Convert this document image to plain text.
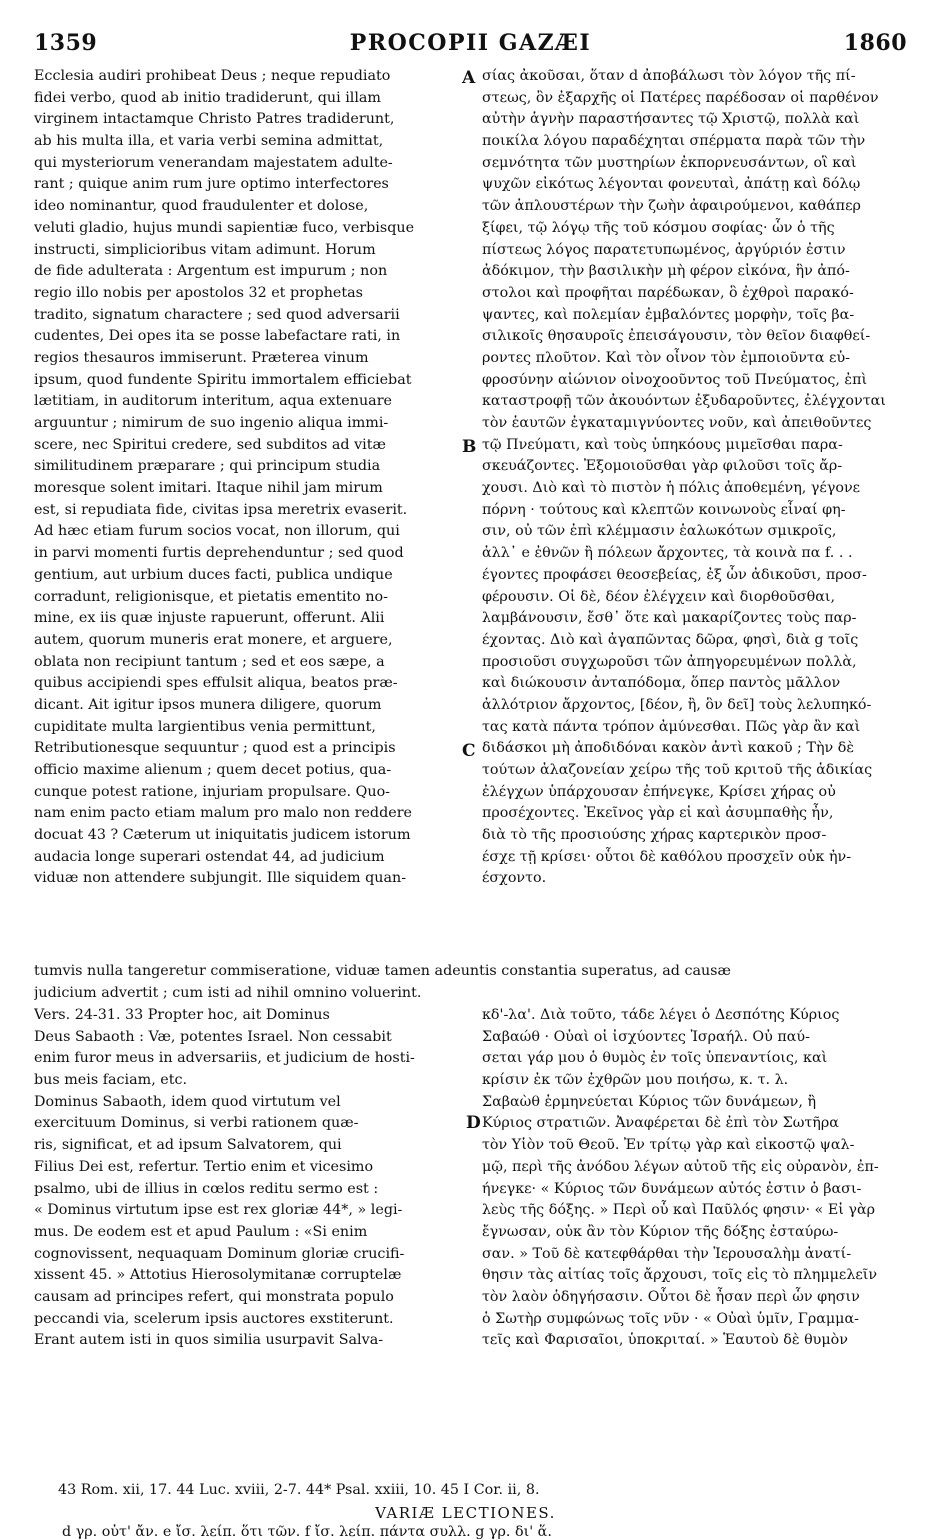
PROCOPII GAZÆI
1359	1860
Ecclesia audiri prohibeat Deus ; neque repudiato
fidei verbo, quod ab initio tradiderunt, qui illam
virginem intactamque Christo Patres tradiderunt,
ab his multa illa, et varia verbi semina admittat,
qui mysteriorum venerandam majestatem adulte-
rant ; quique anim rum jure optimo interfectores
ideo nominantur, quod fraudulenter et dolose,
veluti gladio, hujus mundi sapientiæ fuco, verbisque
instructi, simplicioribus vitam adimunt. Horum
de fide adulterata : Argentum est impurum ; non
regio illo nobis per apostolos 32 et prophetas
tradito, signatum charactere ; sed quod adversarii
cudentes, Dei opes ita se posse labefactare rati, in
regios thesauros immiserunt. Præterea vinum
ipsum, quod fundente Spiritu immortalem efficiebat
lætitiam, in auditorum interitum, aqua extenuare
arguuntur ; nimirum de suo ingenio aliqua immi-
scere, nec Spiritui credere, sed subditos ad vitæ
similitudinem præparare ; qui principum studia
moresque solent imitari. Itaque nihil jam mirum
est, si repudiata fide, civitas ipsa meretrix evaserit.
Ad hæc etiam furum socios vocat, non illorum, qui
in parvi momenti furtis deprehenduntur ; sed quod
gentium, aut urbium duces facti, publica undique
corradunt, religionisque, et pietatis ementito no-
mine, ex iis quæ injuste rapuerunt, offerunt. Alii
autem, quorum muneris erat monere, et arguere,
oblata non recipiunt tantum ; sed et eos sæpe, a
quibus accipiendi spes effulsit aliqua, beatos præ-
dicant. Ait igitur ipsos munera diligere, quorum
cupiditate multa largientibus venia permittunt,
Retributionesque sequuntur ; quod est a principis
officio maxime alienum ; quem decet potius, qua-
cunque potest ratione, injuriam propulsare. Quo-
nam enim pacto etiam malum pro malo non reddere
docuat 43 ? Cæterum ut iniquitatis judicem istorum
audacia longe superari ostendat 44, ad judicium
viduæ non attendere subjungit. Ille siquidem quan-
σίας ἀκοῦσαι, ὅταν d ἀποβάλωσι τὸν λόγον τῆς πί-
στεως, ὃν ἐξαρχῆς οἱ Πατέρες παρέδοσαν οἱ παρθένον
αὐτὴν ἁγνὴν παραστήσαντες τῷ Χριστῷ, πολλὰ καὶ
ποικίλα λόγου παραδέχηται σπέρματα παρὰ τῶν τὴν
σεμνότητα τῶν μυστηρίων ἐκπορνευσάντων, οἳ καὶ
ψυχῶν εἰκότως λέγονται φονευταὶ, ἀπάτῃ καὶ δόλῳ
τῶν ἁπλουστέρων τὴν ζωὴν ἀφαιρούμενοι, καθάπερ
ξίφει, τῷ λόγῳ τῆς τοῦ κόσμου σοφίας· ὧν ὁ τῆς
πίστεως λόγος παρατετυπωμένος, ἀργύριόν ἐστιν
ἀδόκιμον, τὴν βασιλικὴν μὴ φέρον εἰκόνα, ἣν ἀπό-
στολοι καὶ προφῆται παρέδωκαν, ὃ ἐχθροὶ παρακό-
ψαντες, καὶ πολεμίαν ἐμβαλόντες μορφὴν, τοῖς βα-
σιλικοῖς θησαυροῖς ἐπεισάγουσιν, τὸν θεῖον διαφθεί-
ροντες πλοῦτον. Καὶ τὸν οἶνον τὸν ἐμποιοῦντα εὐ-
φροσύνην αἰώνιον οἰνοχοοῦντος τοῦ Πνεύματος, ἐπὶ
καταστροφῇ τῶν ἀκουόντων ἐξυδαροῦντες, ἐλέγχονται
τὸν ἑαυτῶν ἐγκαταμιγνύοντες νοῦν, καὶ ἀπειθοῦντες
τῷ Πνεύματι, καὶ τοὺς ὑπηκόους μιμεῖσθαι παρα-
σκευάζοντες. Ἐξομοιοῦσθαι γὰρ φιλοῦσι τοῖς ἄρ-
χουσι. Διὸ καὶ τὸ πιστὸν ἡ πόλις ἀποθεμένη, γέγονε
πόρνη · τούτους καὶ κλεπτῶν κοινωνοὺς εἶναί φη-
σιν, οὐ τῶν ἐπὶ κλέμμασιν ἑαλωκότων σμικροῖς,
ἀλλ᾽ e ἐθνῶν ἢ πόλεων ἄρχοντες, τὰ κοινὰ πα f. . .
έγοντες προφάσει θεοσεβείας, ἐξ ὧν ἀδικοῦσι, προσ-
φέρουσιν. Οἱ δὲ, δέον ἐλέγχειν καὶ διορθοῦσθαι,
λαμβάνουσιν, ἔσθ᾽ ὅτε καὶ μακαρίζοντες τοὺς παρ-
έχοντας. Διὸ καὶ ἀγαπῶντας δῶρα, φησὶ, διὰ g τοῖς
προσιοῦσι συγχωροῦσι τῶν ἀπηγορευμένων πολλὰ,
καὶ διώκουσιν ἀνταπόδομα, ὅπερ παντὸς μᾶλλον
ἀλλότριον ἄρχοντος, [δέον, ἢ, ὃν δεῖ] τοὺς λελυπηκό-
τας κατὰ πάντα τρόπον ἀμύνεσθαι. Πῶς γὰρ ἂν καὶ
διδάσκοι μὴ ἀποδιδόναι κακὸν ἀντὶ κακοῦ ; Τὴν δὲ
τούτων ἀλαζονείαν χείρω τῆς τοῦ κριτοῦ τῆς ἀδικίας
ἐλέγχων ὑπάρχουσαν ἐπήνεγκε, Κρίσει χήρας οὐ
προσέχοντες. Ἐκεῖνος γὰρ εἰ καὶ ἀσυμπαθὴς ἦν,
διὰ τὸ τῆς προσιούσης χήρας καρτερικὸν προσ-
έσχε τῇ κρίσει· οὗτοι δὲ καθόλου προσχεῖν οὐκ ἠν-
έσχοντο.
A
B
C
D
tumvis nulla tangeretur commiseratione, viduæ tamen adeuntis constantia superatus, ad causæ
judicium advertit ; cum isti ad nihil omnino voluerint.
Vers. 24-31. 33 Propter hoc, ait Dominus
Deus Sabaoth : Væ, potentes Israel. Non cessabit
enim furor meus in adversariis, et judicium de hosti-
bus meis faciam, etc.
Dominus Sabaoth, idem quod virtutum vel
exercituum Dominus, si verbi rationem quæ-
ris, significat, et ad ipsum Salvatorem, qui
Filius Dei est, refertur. Tertio enim et vicesimo
psalmo, ubi de illius in cœlos reditu sermo est :
« Dominus virtutum ipse est rex gloriæ 44*, » legi-
mus. De eodem est et apud Paulum : «Si enim
cognovissent, nequaquam Dominum gloriæ crucifi-
xissent 45. » Attotius Hierosolymitanæ corruptelæ
causam ad principes refert, qui monstrata populo
peccandi via, scelerum ipsis auctores exstiterunt.
Erant autem isti in quos similia usurpavit Salva-
κδ'-λα'. Διὰ τοῦτο, τάδε λέγει ὁ Δεσπότης Κύριος
Σαβαώθ · Οὐαὶ οἱ ἰσχύοντες Ἰσραήλ. Οὐ παύ-
σεται γάρ μου ὁ θυμὸς ἐν τοῖς ὑπεναντίοις, καὶ
κρίσιν ἐκ τῶν ἐχθρῶν μου ποιήσω, κ. τ. λ.
Σαβαὼθ ἑρμηνεύεται Κύριος τῶν δυνάμεων, ἢ
Κύριος στρατιῶν. Ἀναφέρεται δὲ ἐπὶ τὸν Σωτῆρα
τὸν Υἱὸν τοῦ Θεοῦ. Ἐν τρίτῳ γὰρ καὶ εἰκοστῷ ψαλ-
μῷ, περὶ τῆς ἀνόδου λέγων αὐτοῦ τῆς εἰς οὐρανὸν, ἐπ-
ήνεγκε· « Κύριος τῶν δυνάμεων αὐτός ἐστιν ὁ βασι-
λεὺς τῆς δόξης. » Περὶ οὗ καὶ Παῦλός φησιν· « Εἰ γὰρ
ἔγνωσαν, οὐκ ἂν τὸν Κύριον τῆς δόξης ἐσταύρω-
σαν. » Τοῦ δὲ κατεφθάρθαι τὴν Ἱερουσαλὴμ ἀνατί-
θησιν τὰς αἰτίας τοῖς ἄρχουσι, τοῖς εἰς τὸ πλημμελεῖν
τὸν λαὸν ὁδηγήσασιν. Οὗτοι δὲ ἦσαν περὶ ὧν φησιν
ὁ Σωτὴρ συμφώνως τοῖς νῦν · « Οὐαὶ ὑμῖν, Γραμμα-
τεῖς καὶ Φαρισαῖοι, ὑποκριταί. » Ἑαυτοὺ δὲ θυμὸν
43 Rom. xii, 17. 44 Luc. xviii, 2-7. 44* Psal. xxiii, 10. 45 I Cor. ii, 8.
VARIÆ LECTIONES.
d γρ. οὐτ' ἄν. e ἴσ. λείπ. ὅτι τῶν. f ἴσ. λείπ. πάντα συλλ. g γρ. δι' ἅ.
